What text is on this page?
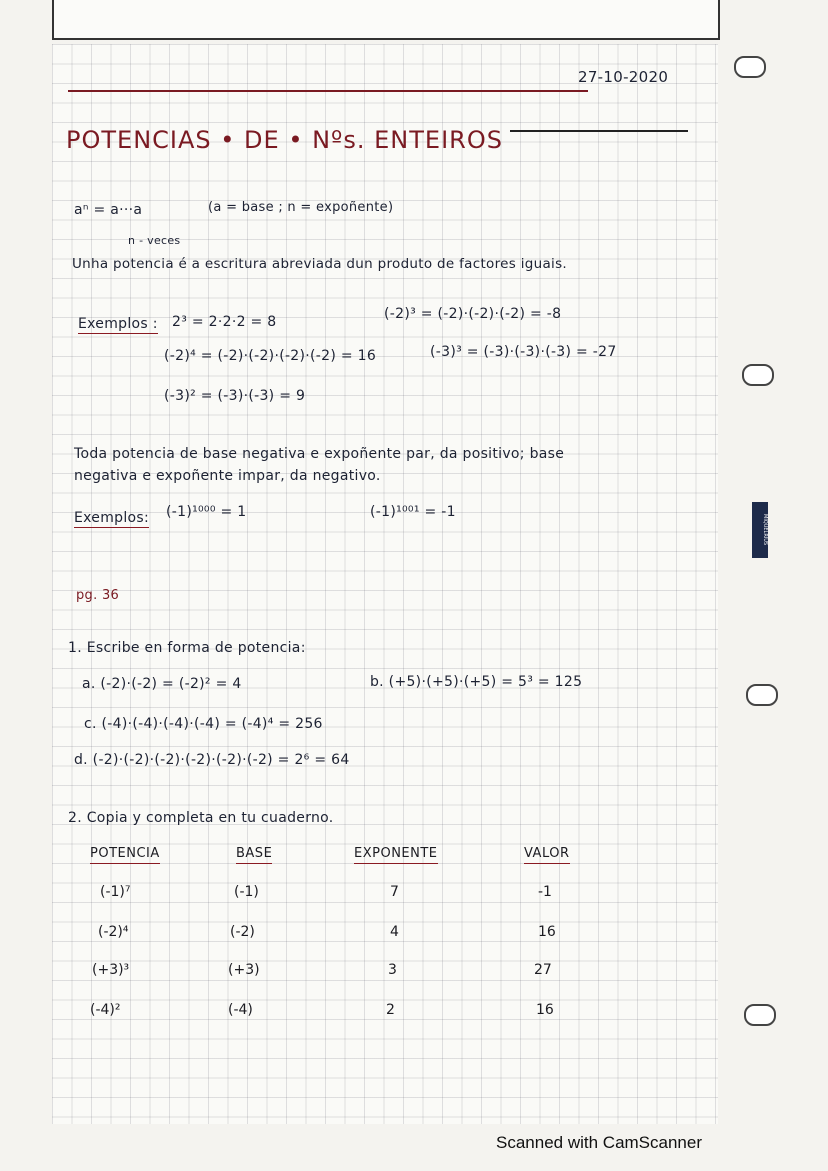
27-10-2020
POTENCIAS • DE • Nºs. ENTEIROS
aⁿ = a···a	(a = base ; n = expoñente)
n - veces
Unha potencia é a escritura abreviada dun produto de factores iguais.
Exemplos : 2³ = 2·2·2 = 8	(-2)³ = (-2)·(-2)·(-2) = -8
(-2)⁴ = (-2)·(-2)·(-2)·(-2) = 16	(-3)³ = (-3)·(-3)·(-3) = -27
(-3)² = (-3)·(-3) = 9
Toda potencia de base negativa e expoñente par, da positivo; base
negativa e expoñente impar, da negativo.
Exemplos: (-1)¹⁰⁰⁰ = 1	(-1)¹⁰⁰¹ = -1
pg. 36
1. Escribe en forma de potencia:
a. (-2)·(-2) = (-2)² = 4	b. (+5)·(+5)·(+5) = 5³ = 125
c. (-4)·(-4)·(-4)·(-4) = (-4)⁴ = 256
d. (-2)·(-2)·(-2)·(-2)·(-2)·(-2) = 2⁶ = 64
2. Copia y completa en tu cuaderno.
POTENCIA	BASE	EXPONENTE	VALOR
(-1)⁷	(-1)	7	-1
(-2)⁴	(-2)	4	16
(+3)³	(+3)	3	27
(-4)²	(-4)	2	16
MIQUELRIUS
Scanned with CamScanner
